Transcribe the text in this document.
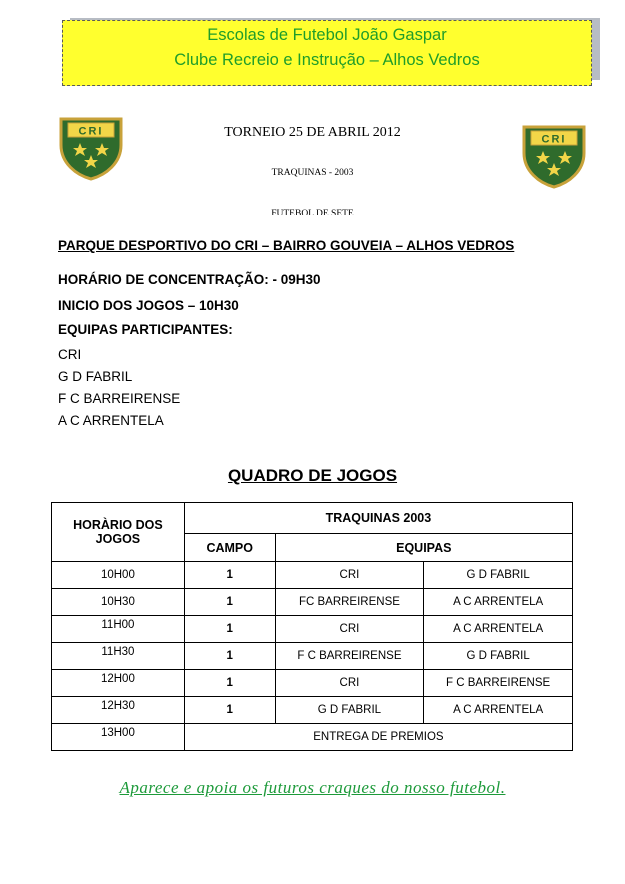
Escolas de Futebol João Gaspar
Clube Recreio e Instrução – Alhos Vedros
CRI
CRI
TORNEIO 25 DE ABRIL 2012
TRAQUINAS - 2003
FUTEBOL DE SETE
PARQUE DESPORTIVO DO CRI – BAIRRO GOUVEIA – ALHOS VEDROS
HORÁRIO DE CONCENTRAÇÃO: - 09H30
INICIO DOS JOGOS – 10H30
EQUIPAS PARTICIPANTES:
CRI
G D FABRIL
F C BARREIRENSE
A C ARRENTELA
QUADRO DE JOGOS
HORÀRIO DOS JOGOS	TRAQUINAS 2003		
	CAMPO	EQUIPAS	
10H00	1	CRI	G D FABRIL
10H30	1	FC BARREIRENSE	A C ARRENTELA
11H00	1	CRI	A C ARRENTELA
11H30	1	F C BARREIRENSE	G D FABRIL
12H00	1	CRI	F C BARREIRENSE
12H30	1	G D FABRIL	A C ARRENTELA
13H00	ENTREGA DE PREMIOS		
Aparece e apoia os futuros craques do nosso futebol.
